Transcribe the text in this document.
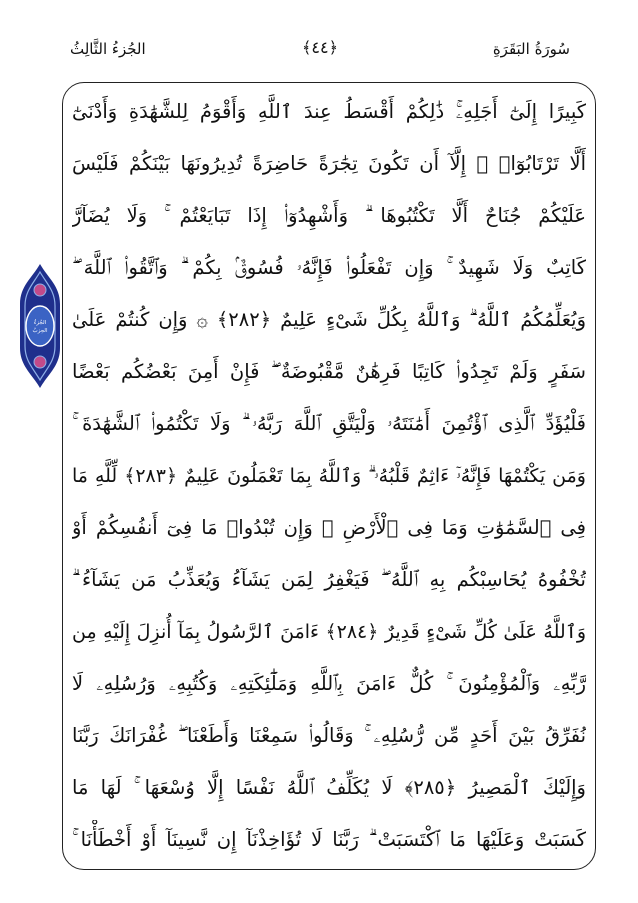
سُورَةُ البَقَرَةِ
﴿٤٤﴾
الجُزءُ الثَّالِثُ
الجُزءُ
الحِزبُ
كَبِيرًا إِلَىٰٓ أَجَلِهِۦۚ ذَٰلِكُمْ أَقْسَطُ عِندَ ٱللَّهِ وَأَقْوَمُ لِلشَّهَٰدَةِ وَأَدْنَىٰٓ
أَلَّا تَرْتَابُوٓا۟ ۖ إِلَّآ أَن تَكُونَ تِجَٰرَةً حَاضِرَةً تُدِيرُونَهَا بَيْنَكُمْ فَلَيْسَ
عَلَيْكُمْ جُنَاحٌ أَلَّا تَكْتُبُوهَا ۗ وَأَشْهِدُوٓا۟ إِذَا تَبَايَعْتُمْ ۚ وَلَا يُضَآرَّ
كَاتِبٌ وَلَا شَهِيدٌ ۚ وَإِن تَفْعَلُوا۟ فَإِنَّهُۥ فُسُوقٌۢ بِكُمْ ۗ وَٱتَّقُوا۟ ٱللَّهَ ۖ
وَيُعَلِّمُكُمُ ٱللَّهُ ۗ وَٱللَّهُ بِكُلِّ شَىْءٍ عَلِيمٌ ﴿٢٨٢﴾ ۞ وَإِن كُنتُمْ عَلَىٰ
سَفَرٍ وَلَمْ تَجِدُوا۟ كَاتِبًا فَرِهَٰنٌ مَّقْبُوضَةٌ ۖ فَإِنْ أَمِنَ بَعْضُكُم بَعْضًا
فَلْيُؤَدِّ ٱلَّذِى ٱؤْتُمِنَ أَمَٰنَتَهُۥ وَلْيَتَّقِ ٱللَّهَ رَبَّهُۥ ۗ وَلَا تَكْتُمُوا۟ ٱلشَّهَٰدَةَ ۚ
وَمَن يَكْتُمْهَا فَإِنَّهُۥٓ ءَاثِمٌ قَلْبُهُۥ ۗ وَٱللَّهُ بِمَا تَعْمَلُونَ عَلِيمٌ ﴿٢٨٣﴾ لِّلَّهِ مَا
فِى ٱلسَّمَٰوَٰتِ وَمَا فِى ٱلْأَرْضِ ۗ وَإِن تُبْدُوا۟ مَا فِىٓ أَنفُسِكُمْ أَوْ
تُخْفُوهُ يُحَاسِبْكُم بِهِ ٱللَّهُ ۖ فَيَغْفِرُ لِمَن يَشَآءُ وَيُعَذِّبُ مَن يَشَآءُ ۗ
وَٱللَّهُ عَلَىٰ كُلِّ شَىْءٍ قَدِيرٌ ﴿٢٨٤﴾ ءَامَنَ ٱلرَّسُولُ بِمَآ أُنزِلَ إِلَيْهِ مِن
رَّبِّهِۦ وَٱلْمُؤْمِنُونَ ۚ كُلٌّ ءَامَنَ بِٱللَّهِ وَمَلَٰٓئِكَتِهِۦ وَكُتُبِهِۦ وَرُسُلِهِۦ لَا
نُفَرِّقُ بَيْنَ أَحَدٍ مِّن رُّسُلِهِۦ ۚ وَقَالُوا۟ سَمِعْنَا وَأَطَعْنَا ۖ غُفْرَانَكَ رَبَّنَا
وَإِلَيْكَ ٱلْمَصِيرُ ﴿٢٨٥﴾ لَا يُكَلِّفُ ٱللَّهُ نَفْسًا إِلَّا وُسْعَهَا ۚ لَهَا مَا
كَسَبَتْ وَعَلَيْهَا مَا ٱكْتَسَبَتْ ۗ رَبَّنَا لَا تُؤَاخِذْنَآ إِن نَّسِينَآ أَوْ أَخْطَأْنَا ۚ
